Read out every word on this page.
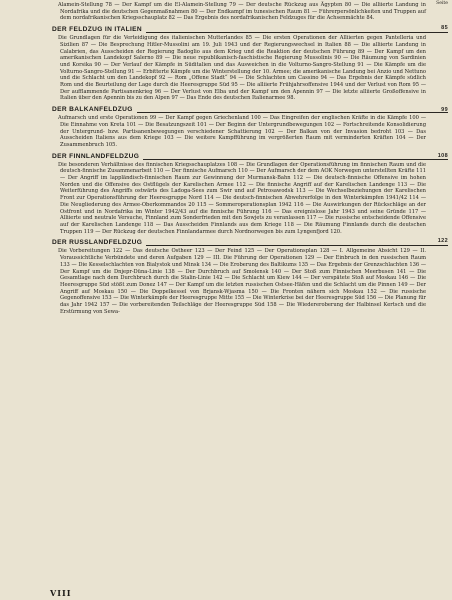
Seite

Alamein-Stellung 78 — Der Kampf um die El-Alamein-Stellung 79 — Der deutsche Rückzug aus Ägypten 80 — Die alliierte Landung in Nordafrika und die deutschen Gegenmaßnahmen 80 — Der Endkampf im tunesischen Raum 81 — Führerpersönlichkeiten und Truppen auf dem nordafrikanischen Kriegsschauplatz 82 — Das Ergebnis des nordafrikanischen Feldzuges für die Achsenmächte 84.

DER FELDZUG IN ITALIEN	85

Die Grundlagen für die Verteidigung des italienischen Mutterlandes 85 — Die ersten Operationen der Alliierten gegen Pantelleria und Sizilien 87 — Die Besprechung Hitler-Mussolini am 19. Juli 1943 und der Regierungswechsel in Italien 88 — Die alliierte Landung in Calabrien, das Ausscheiden der Regierung Badoglio aus dem Krieg und die Reaktion der deutschen Führung 89 — Der Kampf um den amerikanischen Landekopf Salerno 89 — Die neue republikanisch-faschistische Regierung Mussolinis 90 — Die Räumung von Sardinien und Korsika 90 — Der Verlauf der Kämpfe in Süditalien und das Ausweichen in die Volturno-Sangro-Stellung 91 — Die Kämpfe um die Volturno-Sangro-Stellung 91 — Erbitterte Kämpfe um die Winterstellung der 10. Armee; die amerikanische Landung bei Anzio und Nettuno und die Schlacht um den Landekopf 92 — Rom „Offene Stadt“ 94 — Die Schlachten um Cassino 94 — Das Ergebnis der Kämpfe südlich Rom und die Beurteilung der Lage durch die Heeresgruppe Süd 95 — Die alliierte Frühjahrsoffensive 1944 und der Verlust von Rom 95 — Der aufflammende Partisanenkrieg 96 — Der Verlust von Elba und der Kampf um den Apennin 97 — Die letzte alliierte Großoffensive in Italien über den Apennin bis zu den Alpen 97 — Das Ende des deutschen Italienarmee 98.

DER BALKANFELDZUG	99

Aufmarsch und erste Operationen 99 — Der Kampf gegen Griechenland 100 — Das Eingreifen der englischen Kräfte in die Kämpfe 100 — Die Einnahme von Kreta 101 — Die Besatzungszeit 101 — Der Beginn der Untergrundbewegungen 102 — Fortschreitende Konsolidierung der Untergrund- bzw. Partisanenbewegungen verschiedener Schattierung 102 — Der Balkan von der Invasion bedroht 103 — Das Ausscheiden Italiens aus dem Kriege 103 — Die weitere Kampfführung im vergrößerten Raum mit verminderten Kräften 104 — Der Zusammenbruch 105.

DER FINNLANDFELDZUG	108

Die besonderen Verhältnisse des finnischen Kriegsschauplatzes 108 — Die Grundlagen der Operationsführung im finnischen Raum und die deutsch-finnische Zusammenarbeit 110 — Der finnische Aufmarsch 110 — Der Aufmarsch der dem AOK Norwegen unterstellten Kräfte 111 — Der Angriff im lappländisch-finnischen Raum zur Gewinnung der Murmansk-Bahn 112 — Die deutsch-finnische Offensive im hohen Norden und die Offensive des Ostflügels der Karelischen Armee 112 — Die finnische Angriff auf der Karelischen Landenge 113 — Die Weiterführung des Angriffs ostwärts des Ladoga-Sees zum Swir und auf Petrosawodsk 113 — Die Wechselbeziehungen der Karelischen Front zur Operationsführung der Heeresgruppe Nord 114 — Die deutsch-finnischen Abwehrerfolge in den Winterkämpfen 1941/42 114 — Die Neugliederung des Armee-Oberkommandos 20 115 — Sommeroperationsplan 1942 116 — Die Auswirkungen der Rückschläge an der Ostfront und in Nordafrika im Winter 1942/43 auf die finnische Führung 116 — Das ereignislose Jahr 1943 und seine Gründe 117 — Alliierte und neutrale Versuche, Finnland zum Sonderfrieden mit den Sowjets zu veranlassen 117 — Die russische entscheidende Offensive auf der Karelischen Landenge 118 — Das Ausscheiden Finnlands aus dem Kriege 118 — Die Räumung Finnlands durch die deutschen Truppen 119 — Der Rückzug der deutschen Finnlandarmee durch Nordnorwegen bis zum Lyngenfjord 120.

DER RUSSLANDFELDZUG	122

Die Vorbereitungen 122 — Das deutsche Ostheer 123 — Der Feind 125 — Der Operationsplan 128 — I. Allgemeine Absicht 129 — II. Voraussichtliche Verbündete und deren Aufgaben 129 — III. Die Führung der Operationen 129 — Der Einbruch in den russischen Raum 133 — Die Kesselschlachten von Bialystok und Minsk 134 — Die Eroberung des Baltikums 135 — Das Ergebnis der Grenzschlachten 136 — Der Kampf um die Dnjepr-Düna-Linie 138 — Der Durchbruch auf Smolensk 140 — Der Stoß zum Finnischen Meerbusen 141 — Die Gesamtlage nach dem Durchbruch durch die Stalin-Linie 142 — Die Schlacht um Kiew 144 — Der verspätete Stoß auf Moskau 146 — Die Heeresgruppe Süd stößt zum Donez 147 — Der Kampf um die letzten russischen Ostsee-Häfen und die Schlacht um die Pinnen 149 — Der Angriff auf Moskau 150 — Die Doppelkessel von Brjansk-Wjasma 150 — Die Fronten nähern sich Moskau 152 — Die russische Gegenoffensive 153 — Die Winterkämpfe der Heeresgruppe Mitte 155 — Die Winterkrise bei der Heeresgruppe Süd 156 — Die Planung für das Jahr 1942 157 — Die vorbereitenden Teilschläge der Heeresgruppe Süd 158 — Die Wiedereroberung der Halbinsel Kertsch und die Erstürmung von Sewa-

VIII
